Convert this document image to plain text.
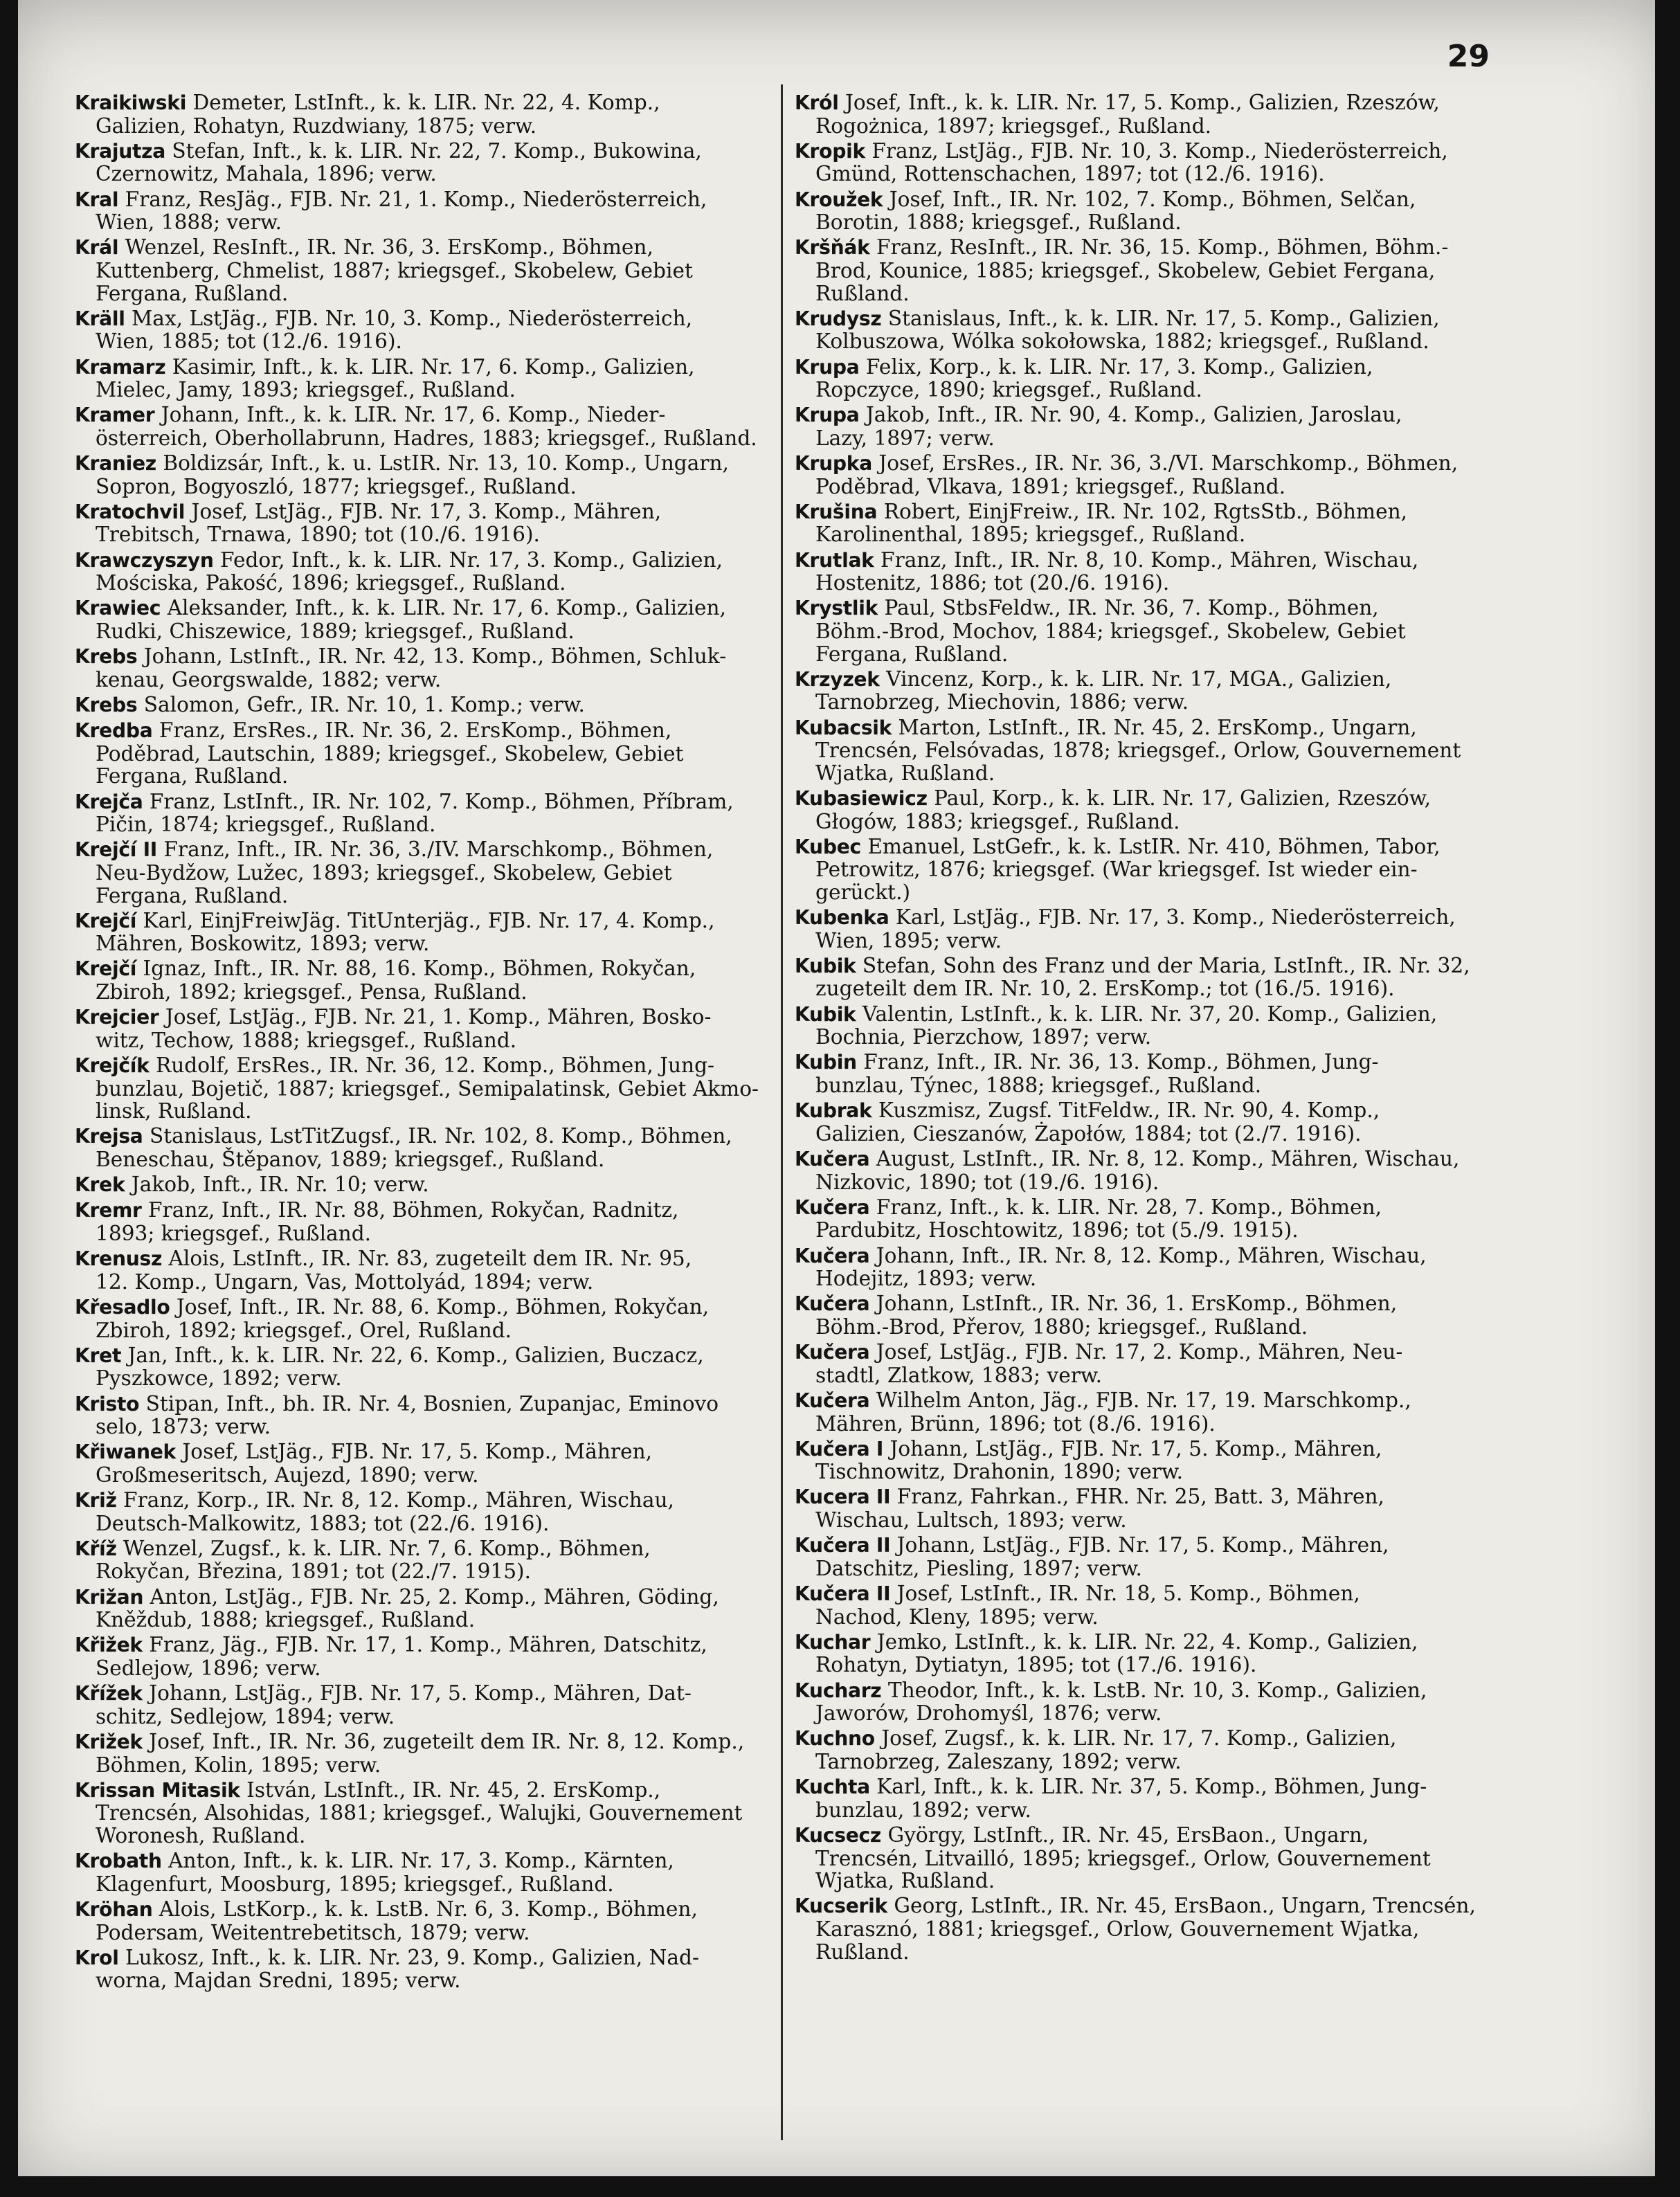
29

Kraikiwski Demeter, LstInft., k. k. LIR. Nr. 22, 4. Komp.,
Galizien, Rohatyn, Ruzdwiany, 1875; verw.

Krajutza Stefan, Inft., k. k. LIR. Nr. 22, 7. Komp., Bukowina,
Czernowitz, Mahala, 1896; verw.

Kral Franz, ResJäg., FJB. Nr. 21, 1. Komp., Niederösterreich,
Wien, 1888; verw.

Král Wenzel, ResInft., IR. Nr. 36, 3. ErsKomp., Böhmen,
Kuttenberg, Chmelist, 1887; kriegsgef., Skobelew, Gebiet
Fergana, Rußland.

Kräll Max, LstJäg., FJB. Nr. 10, 3. Komp., Niederösterreich,
Wien, 1885; tot (12./6. 1916).

Kramarz Kasimir, Inft., k. k. LIR. Nr. 17, 6. Komp., Galizien,
Mielec, Jamy, 1893; kriegsgef., Rußland.

Kramer Johann, Inft., k. k. LIR. Nr. 17, 6. Komp., Nieder-
österreich, Oberhollabrunn, Hadres, 1883; kriegsgef., Rußland.

Kraniez Boldizsár, Inft., k. u. LstIR. Nr. 13, 10. Komp., Ungarn,
Sopron, Bogyoszló, 1877; kriegsgef., Rußland.

Kratochvil Josef, LstJäg., FJB. Nr. 17, 3. Komp., Mähren,
Trebitsch, Trnawa, 1890; tot (10./6. 1916).

Krawczyszyn Fedor, Inft., k. k. LIR. Nr. 17, 3. Komp., Galizien,
Mościska, Pakość, 1896; kriegsgef., Rußland.

Krawiec Aleksander, Inft., k. k. LIR. Nr. 17, 6. Komp., Galizien,
Rudki, Chiszewice, 1889; kriegsgef., Rußland.

Krebs Johann, LstInft., IR. Nr. 42, 13. Komp., Böhmen, Schluk-
kenau, Georgswalde, 1882; verw.

Krebs Salomon, Gefr., IR. Nr. 10, 1. Komp.; verw.

Kredba Franz, ErsRes., IR. Nr. 36, 2. ErsKomp., Böhmen,
Poděbrad, Lautschin, 1889; kriegsgef., Skobelew, Gebiet
Fergana, Rußland.

Krejča Franz, LstInft., IR. Nr. 102, 7. Komp., Böhmen, Příbram,
Pičin, 1874; kriegsgef., Rußland.

Krejčí II Franz, Inft., IR. Nr. 36, 3./IV. Marschkomp., Böhmen,
Neu-Bydžow, Lužec, 1893; kriegsgef., Skobelew, Gebiet
Fergana, Rußland.

Krejčí Karl, EinjFreiwJäg. TitUnterjäg., FJB. Nr. 17, 4. Komp.,
Mähren, Boskowitz, 1893; verw.

Krejčí Ignaz, Inft., IR. Nr. 88, 16. Komp., Böhmen, Rokyčan,
Zbiroh, 1892; kriegsgef., Pensa, Rußland.

Krejcier Josef, LstJäg., FJB. Nr. 21, 1. Komp., Mähren, Bosko-
witz, Techow, 1888; kriegsgef., Rußland.

Krejčík Rudolf, ErsRes., IR. Nr. 36, 12. Komp., Böhmen, Jung-
bunzlau, Bojetič, 1887; kriegsgef., Semipalatinsk, Gebiet Akmo-
linsk, Rußland.

Krejsa Stanislaus, LstTitZugsf., IR. Nr. 102, 8. Komp., Böhmen,
Beneschau, Štěpanov, 1889; kriegsgef., Rußland.

Krek Jakob, Inft., IR. Nr. 10; verw.

Kremr Franz, Inft., IR. Nr. 88, Böhmen, Rokyčan, Radnitz,
1893; kriegsgef., Rußland.

Krenusz Alois, LstInft., IR. Nr. 83, zugeteilt dem IR. Nr. 95,
12. Komp., Ungarn, Vas, Mottolyád, 1894; verw.

Křesadlo Josef, Inft., IR. Nr. 88, 6. Komp., Böhmen, Rokyčan,
Zbiroh, 1892; kriegsgef., Orel, Rußland.

Kret Jan, Inft., k. k. LIR. Nr. 22, 6. Komp., Galizien, Buczacz,
Pyszkowce, 1892; verw.

Kristo Stipan, Inft., bh. IR. Nr. 4, Bosnien, Zupanjac, Eminovo
selo, 1873; verw.

Křiwanek Josef, LstJäg., FJB. Nr. 17, 5. Komp., Mähren,
Großmeseritsch, Aujezd, 1890; verw.

Križ Franz, Korp., IR. Nr. 8, 12. Komp., Mähren, Wischau,
Deutsch-Malkowitz, 1883; tot (22./6. 1916).

Kříž Wenzel, Zugsf., k. k. LIR. Nr. 7, 6. Komp., Böhmen,
Rokyčan, Březina, 1891; tot (22./7. 1915).

Križan Anton, LstJäg., FJB. Nr. 25, 2. Komp., Mähren, Göding,
Kněždub, 1888; kriegsgef., Rußland.

Křižek Franz, Jäg., FJB. Nr. 17, 1. Komp., Mähren, Datschitz,
Sedlejow, 1896; verw.

Křížek Johann, LstJäg., FJB. Nr. 17, 5. Komp., Mähren, Dat-
schitz, Sedlejow, 1894; verw.

Križek Josef, Inft., IR. Nr. 36, zugeteilt dem IR. Nr. 8, 12. Komp.,
Böhmen, Kolin, 1895; verw.

Krissan Mitasik István, LstInft., IR. Nr. 45, 2. ErsKomp.,
Trencsén, Alsohidas, 1881; kriegsgef., Walujki, Gouvernement
Woronesh, Rußland.

Krobath Anton, Inft., k. k. LIR. Nr. 17, 3. Komp., Kärnten,
Klagenfurt, Moosburg, 1895; kriegsgef., Rußland.

Kröhan Alois, LstKorp., k. k. LstB. Nr. 6, 3. Komp., Böhmen,
Podersam, Weitentrebetitsch, 1879; verw.

Krol Lukosz, Inft., k. k. LIR. Nr. 23, 9. Komp., Galizien, Nad-
worna, Majdan Sredni, 1895; verw.

Król Josef, Inft., k. k. LIR. Nr. 17, 5. Komp., Galizien, Rzeszów,
Rogożnica, 1897; kriegsgef., Rußland.

Kropik Franz, LstJäg., FJB. Nr. 10, 3. Komp., Niederösterreich,
Gmünd, Rottenschachen, 1897; tot (12./6. 1916).

Kroužek Josef, Inft., IR. Nr. 102, 7. Komp., Böhmen, Selčan,
Borotin, 1888; kriegsgef., Rußland.

Kršňák Franz, ResInft., IR. Nr. 36, 15. Komp., Böhmen, Böhm.-
Brod, Kounice, 1885; kriegsgef., Skobelew, Gebiet Fergana,
Rußland.

Krudysz Stanislaus, Inft., k. k. LIR. Nr. 17, 5. Komp., Galizien,
Kolbuszowa, Wólka sokołowska, 1882; kriegsgef., Rußland.

Krupa Felix, Korp., k. k. LIR. Nr. 17, 3. Komp., Galizien,
Ropczyce, 1890; kriegsgef., Rußland.

Krupa Jakob, Inft., IR. Nr. 90, 4. Komp., Galizien, Jaroslau,
Lazy, 1897; verw.

Krupka Josef, ErsRes., IR. Nr. 36, 3./VI. Marschkomp., Böhmen,
Poděbrad, Vlkava, 1891; kriegsgef., Rußland.

Krušina Robert, EinjFreiw., IR. Nr. 102, RgtsStb., Böhmen,
Karolinenthal, 1895; kriegsgef., Rußland.

Krutlak Franz, Inft., IR. Nr. 8, 10. Komp., Mähren, Wischau,
Hostenitz, 1886; tot (20./6. 1916).

Krystlik Paul, StbsFeldw., IR. Nr. 36, 7. Komp., Böhmen,
Böhm.-Brod, Mochov, 1884; kriegsgef., Skobelew, Gebiet
Fergana, Rußland.

Krzyzek Vincenz, Korp., k. k. LIR. Nr. 17, MGA., Galizien,
Tarnobrzeg, Miechovin, 1886; verw.

Kubacsik Marton, LstInft., IR. Nr. 45, 2. ErsKomp., Ungarn,
Trencsén, Felsóvadas, 1878; kriegsgef., Orlow, Gouvernement
Wjatka, Rußland.

Kubasiewicz Paul, Korp., k. k. LIR. Nr. 17, Galizien, Rzeszów,
Głogów, 1883; kriegsgef., Rußland.

Kubec Emanuel, LstGefr., k. k. LstIR. Nr. 410, Böhmen, Tabor,
Petrowitz, 1876; kriegsgef. (War kriegsgef. Ist wieder ein-
gerückt.)

Kubenka Karl, LstJäg., FJB. Nr. 17, 3. Komp., Niederösterreich,
Wien, 1895; verw.

Kubik Stefan, Sohn des Franz und der Maria, LstInft., IR. Nr. 32,
zugeteilt dem IR. Nr. 10, 2. ErsKomp.; tot (16./5. 1916).

Kubik Valentin, LstInft., k. k. LIR. Nr. 37, 20. Komp., Galizien,
Bochnia, Pierzchow, 1897; verw.

Kubin Franz, Inft., IR. Nr. 36, 13. Komp., Böhmen, Jung-
bunzlau, Týnec, 1888; kriegsgef., Rußland.

Kubrak Kuszmisz, Zugsf. TitFeldw., IR. Nr. 90, 4. Komp.,
Galizien, Cieszanów, Żapołów, 1884; tot (2./7. 1916).

Kučera August, LstInft., IR. Nr. 8, 12. Komp., Mähren, Wischau,
Nizkovic, 1890; tot (19./6. 1916).

Kučera Franz, Inft., k. k. LIR. Nr. 28, 7. Komp., Böhmen,
Pardubitz, Hoschtowitz, 1896; tot (5./9. 1915).

Kučera Johann, Inft., IR. Nr. 8, 12. Komp., Mähren, Wischau,
Hodejitz, 1893; verw.

Kučera Johann, LstInft., IR. Nr. 36, 1. ErsKomp., Böhmen,
Böhm.-Brod, Přerov, 1880; kriegsgef., Rußland.

Kučera Josef, LstJäg., FJB. Nr. 17, 2. Komp., Mähren, Neu-
stadtl, Zlatkow, 1883; verw.

Kučera Wilhelm Anton, Jäg., FJB. Nr. 17, 19. Marschkomp.,
Mähren, Brünn, 1896; tot (8./6. 1916).

Kučera I Johann, LstJäg., FJB. Nr. 17, 5. Komp., Mähren,
Tischnowitz, Drahonin, 1890; verw.

Kucera II Franz, Fahrkan., FHR. Nr. 25, Batt. 3, Mähren,
Wischau, Lultsch, 1893; verw.

Kučera II Johann, LstJäg., FJB. Nr. 17, 5. Komp., Mähren,
Datschitz, Piesling, 1897; verw.

Kučera II Josef, LstInft., IR. Nr. 18, 5. Komp., Böhmen,
Nachod, Kleny, 1895; verw.

Kuchar Jemko, LstInft., k. k. LIR. Nr. 22, 4. Komp., Galizien,
Rohatyn, Dytiatyn, 1895; tot (17./6. 1916).

Kucharz Theodor, Inft., k. k. LstB. Nr. 10, 3. Komp., Galizien,
Jaworów, Drohomyśl, 1876; verw.

Kuchno Josef, Zugsf., k. k. LIR. Nr. 17, 7. Komp., Galizien,
Tarnobrzeg, Zaleszany, 1892; verw.

Kuchta Karl, Inft., k. k. LIR. Nr. 37, 5. Komp., Böhmen, Jung-
bunzlau, 1892; verw.

Kucsecz György, LstInft., IR. Nr. 45, ErsBaon., Ungarn,
Trencsén, Litvailló, 1895; kriegsgef., Orlow, Gouvernement
Wjatka, Rußland.

Kucserik Georg, LstInft., IR. Nr. 45, ErsBaon., Ungarn, Trencsén,
Karasznó, 1881; kriegsgef., Orlow, Gouvernement Wjatka,
Rußland.
